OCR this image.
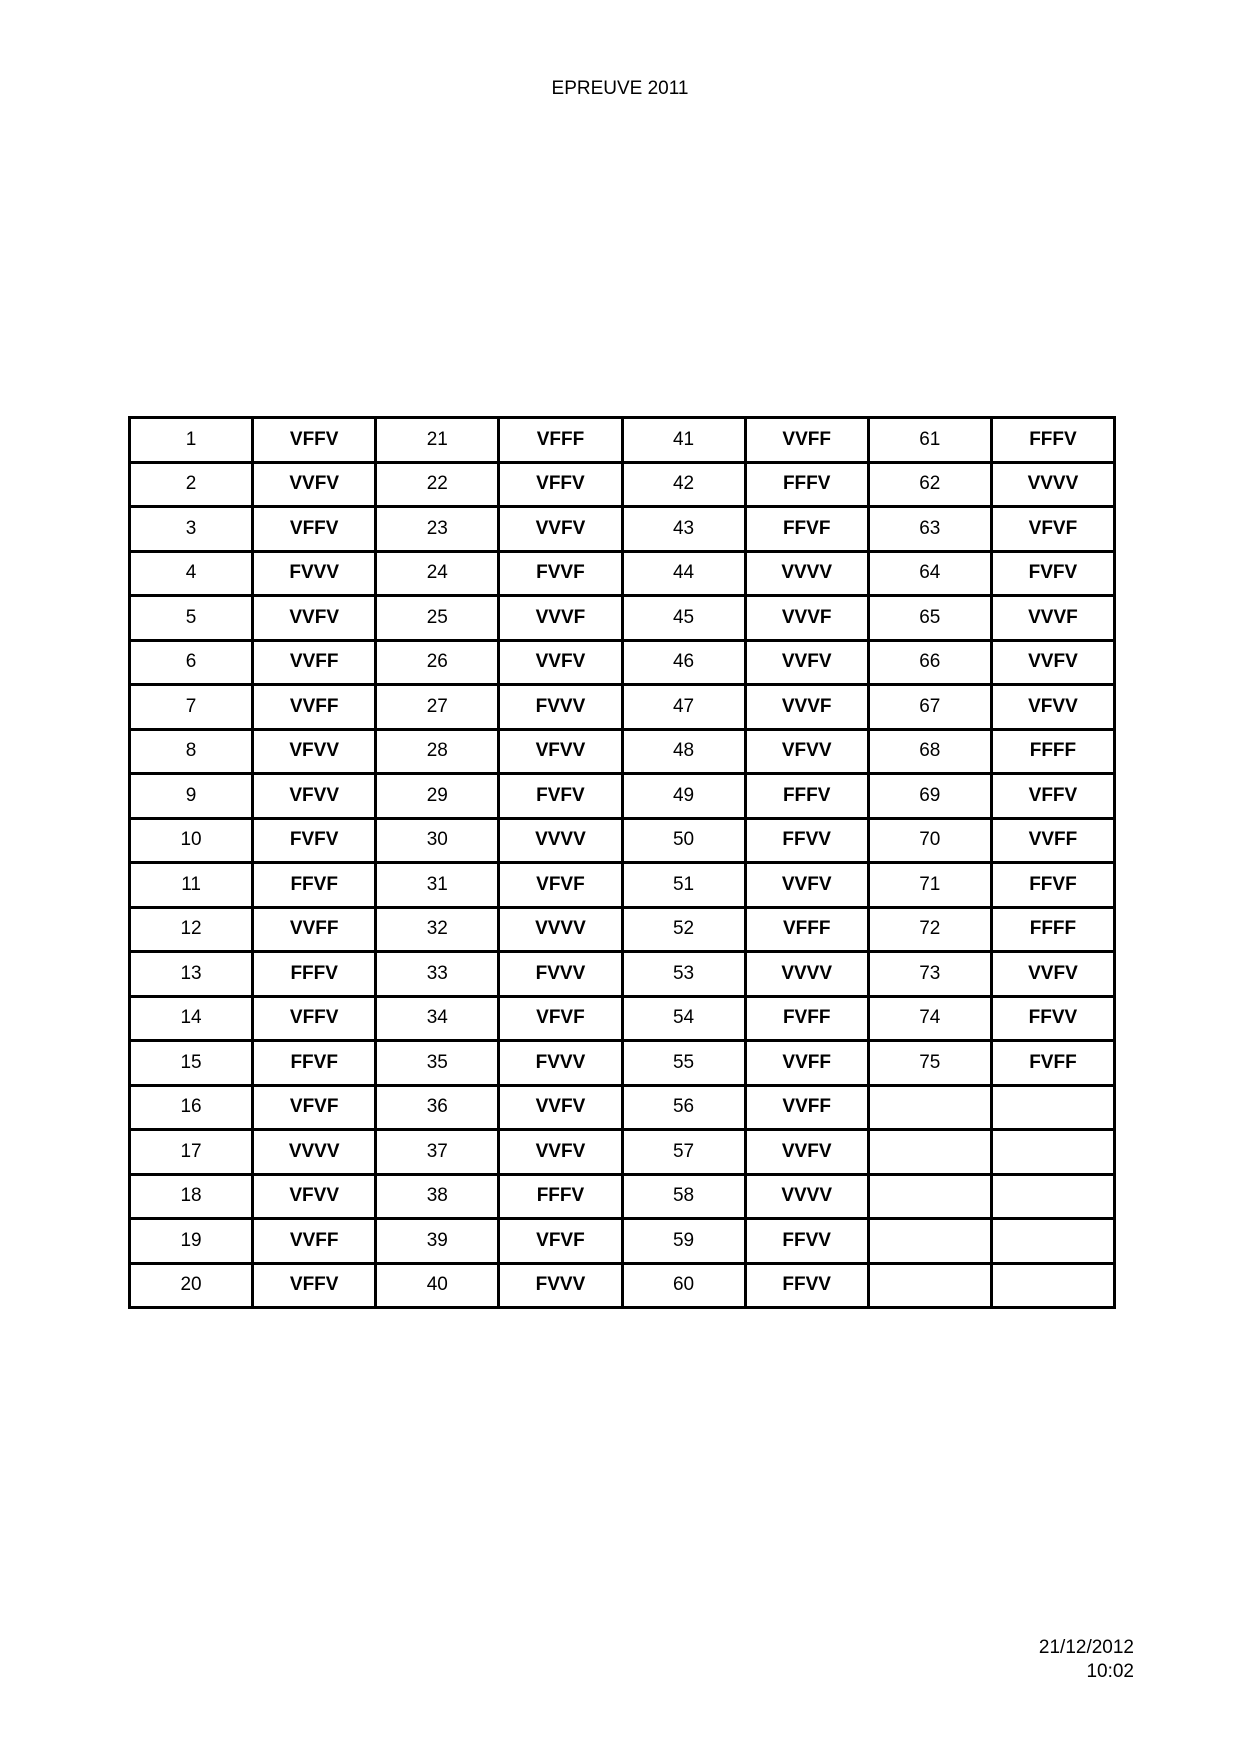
EPREUVE 2011
1	VFFV	21	VFFF	41	VVFF	61	FFFV
2	VVFV	22	VFFV	42	FFFV	62	VVVV
3	VFFV	23	VVFV	43	FFVF	63	VFVF
4	FVVV	24	FVVF	44	VVVV	64	FVFV
5	VVFV	25	VVVF	45	VVVF	65	VVVF
6	VVFF	26	VVFV	46	VVFV	66	VVFV
7	VVFF	27	FVVV	47	VVVF	67	VFVV
8	VFVV	28	VFVV	48	VFVV	68	FFFF
9	VFVV	29	FVFV	49	FFFV	69	VFFV
10	FVFV	30	VVVV	50	FFVV	70	VVFF
11	FFVF	31	VFVF	51	VVFV	71	FFVF
12	VVFF	32	VVVV	52	VFFF	72	FFFF
13	FFFV	33	FVVV	53	VVVV	73	VVFV
14	VFFV	34	VFVF	54	FVFF	74	FFVV
15	FFVF	35	FVVV	55	VVFF	75	FVFF
16	VFVF	36	VVFV	56	VVFF		
17	VVVV	37	VVFV	57	VVFV		
18	VFVV	38	FFFV	58	VVVV		
19	VVFF	39	VFVF	59	FFVV		
20	VFFV	40	FVVV	60	FFVV		
21/12/2012
10:02
